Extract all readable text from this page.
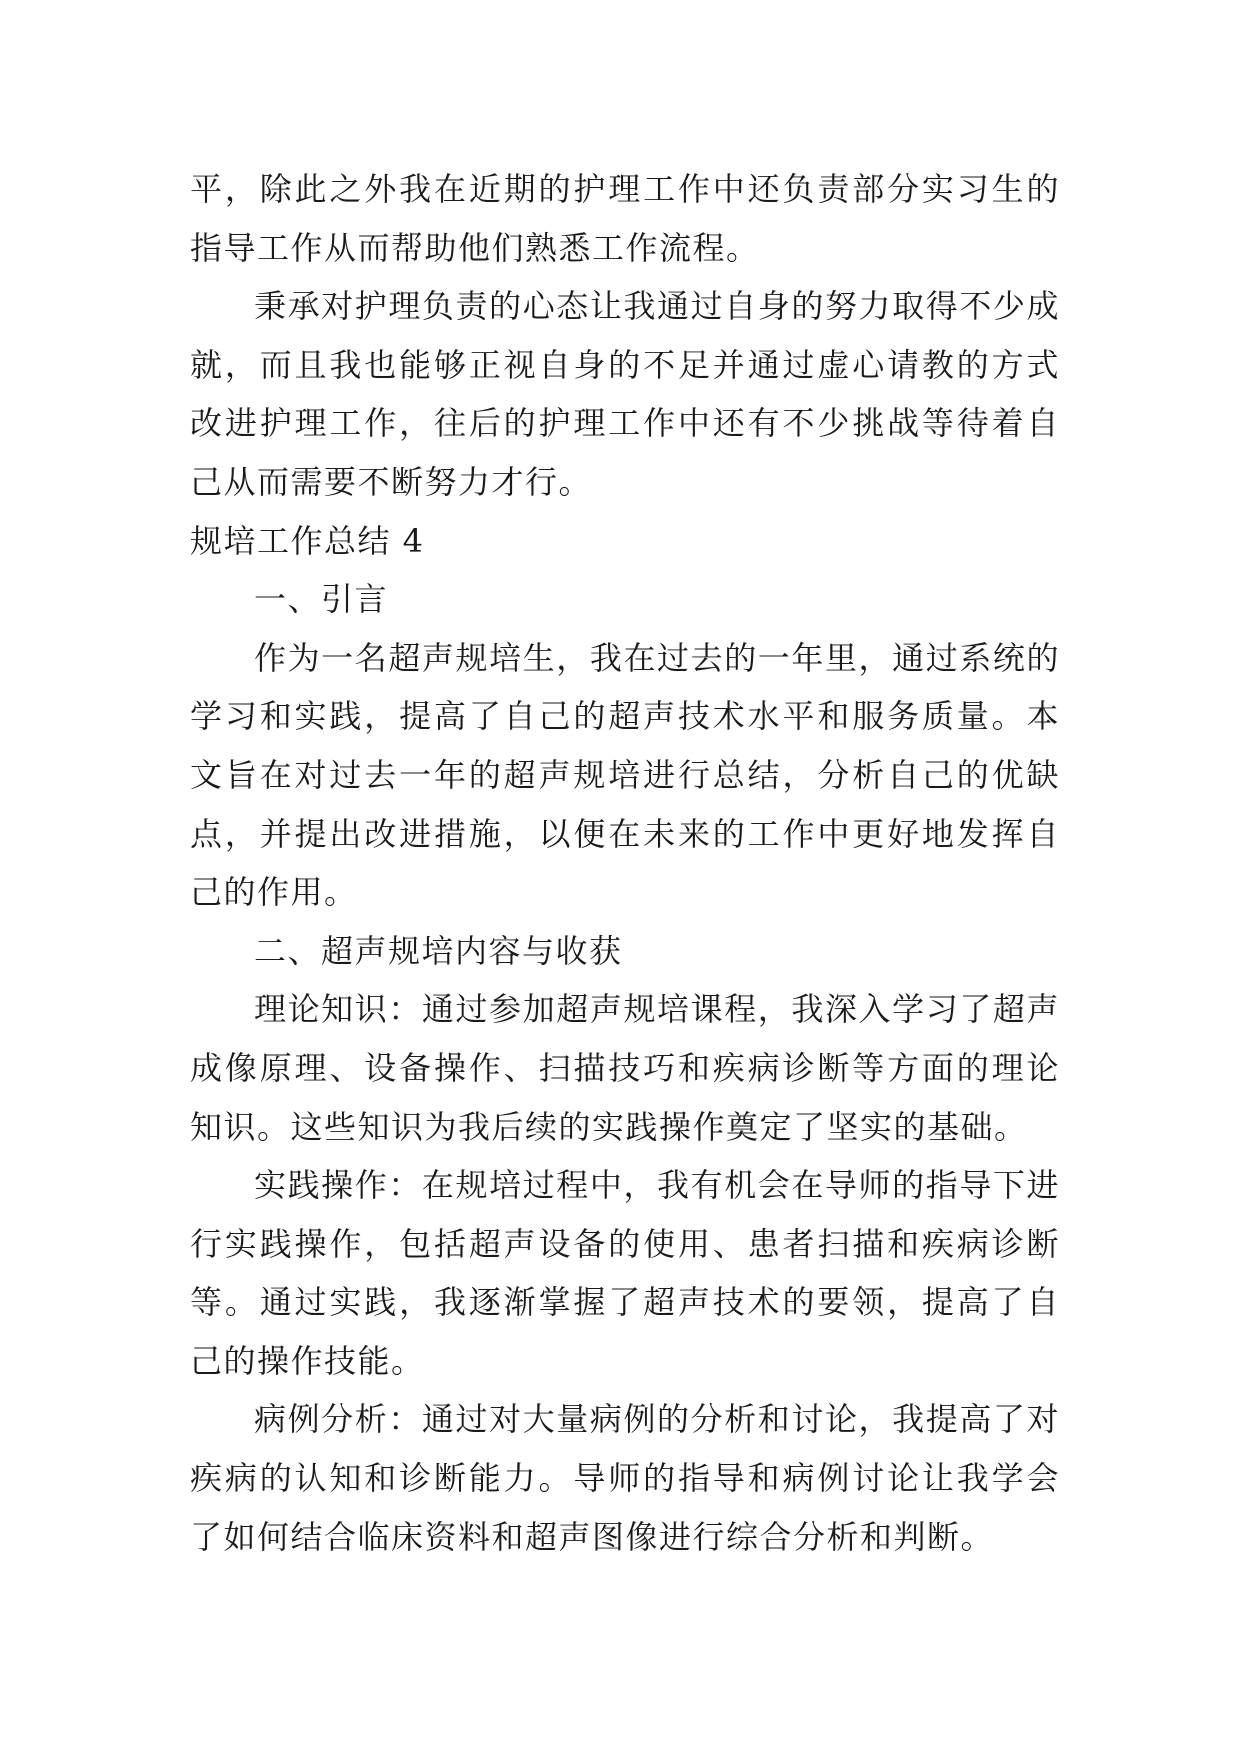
平，除此之外我在近期的护理工作中还负责部分实习生的指导工作从而帮助他们熟悉工作流程。

秉承对护理负责的心态让我通过自身的努力取得不少成就，而且我也能够正视自身的不足并通过虚心请教的方式改进护理工作，往后的护理工作中还有不少挑战等待着自己从而需要不断努力才行。

规培工作总结 4

一、引言

作为一名超声规培生，我在过去的一年里，通过系统的学习和实践，提高了自己的超声技术水平和服务质量。本文旨在对过去一年的超声规培进行总结，分析自己的优缺点，并提出改进措施，以便在未来的工作中更好地发挥自己的作用。

二、超声规培内容与收获

理论知识：通过参加超声规培课程，我深入学习了超声成像原理、设备操作、扫描技巧和疾病诊断等方面的理论知识。这些知识为我后续的实践操作奠定了坚实的基础。

实践操作：在规培过程中，我有机会在导师的指导下进行实践操作，包括超声设备的使用、患者扫描和疾病诊断等。通过实践，我逐渐掌握了超声技术的要领，提高了自己的操作技能。

病例分析：通过对大量病例的分析和讨论，我提高了对疾病的认知和诊断能力。导师的指导和病例讨论让我学会了如何结合临床资料和超声图像进行综合分析和判断。
